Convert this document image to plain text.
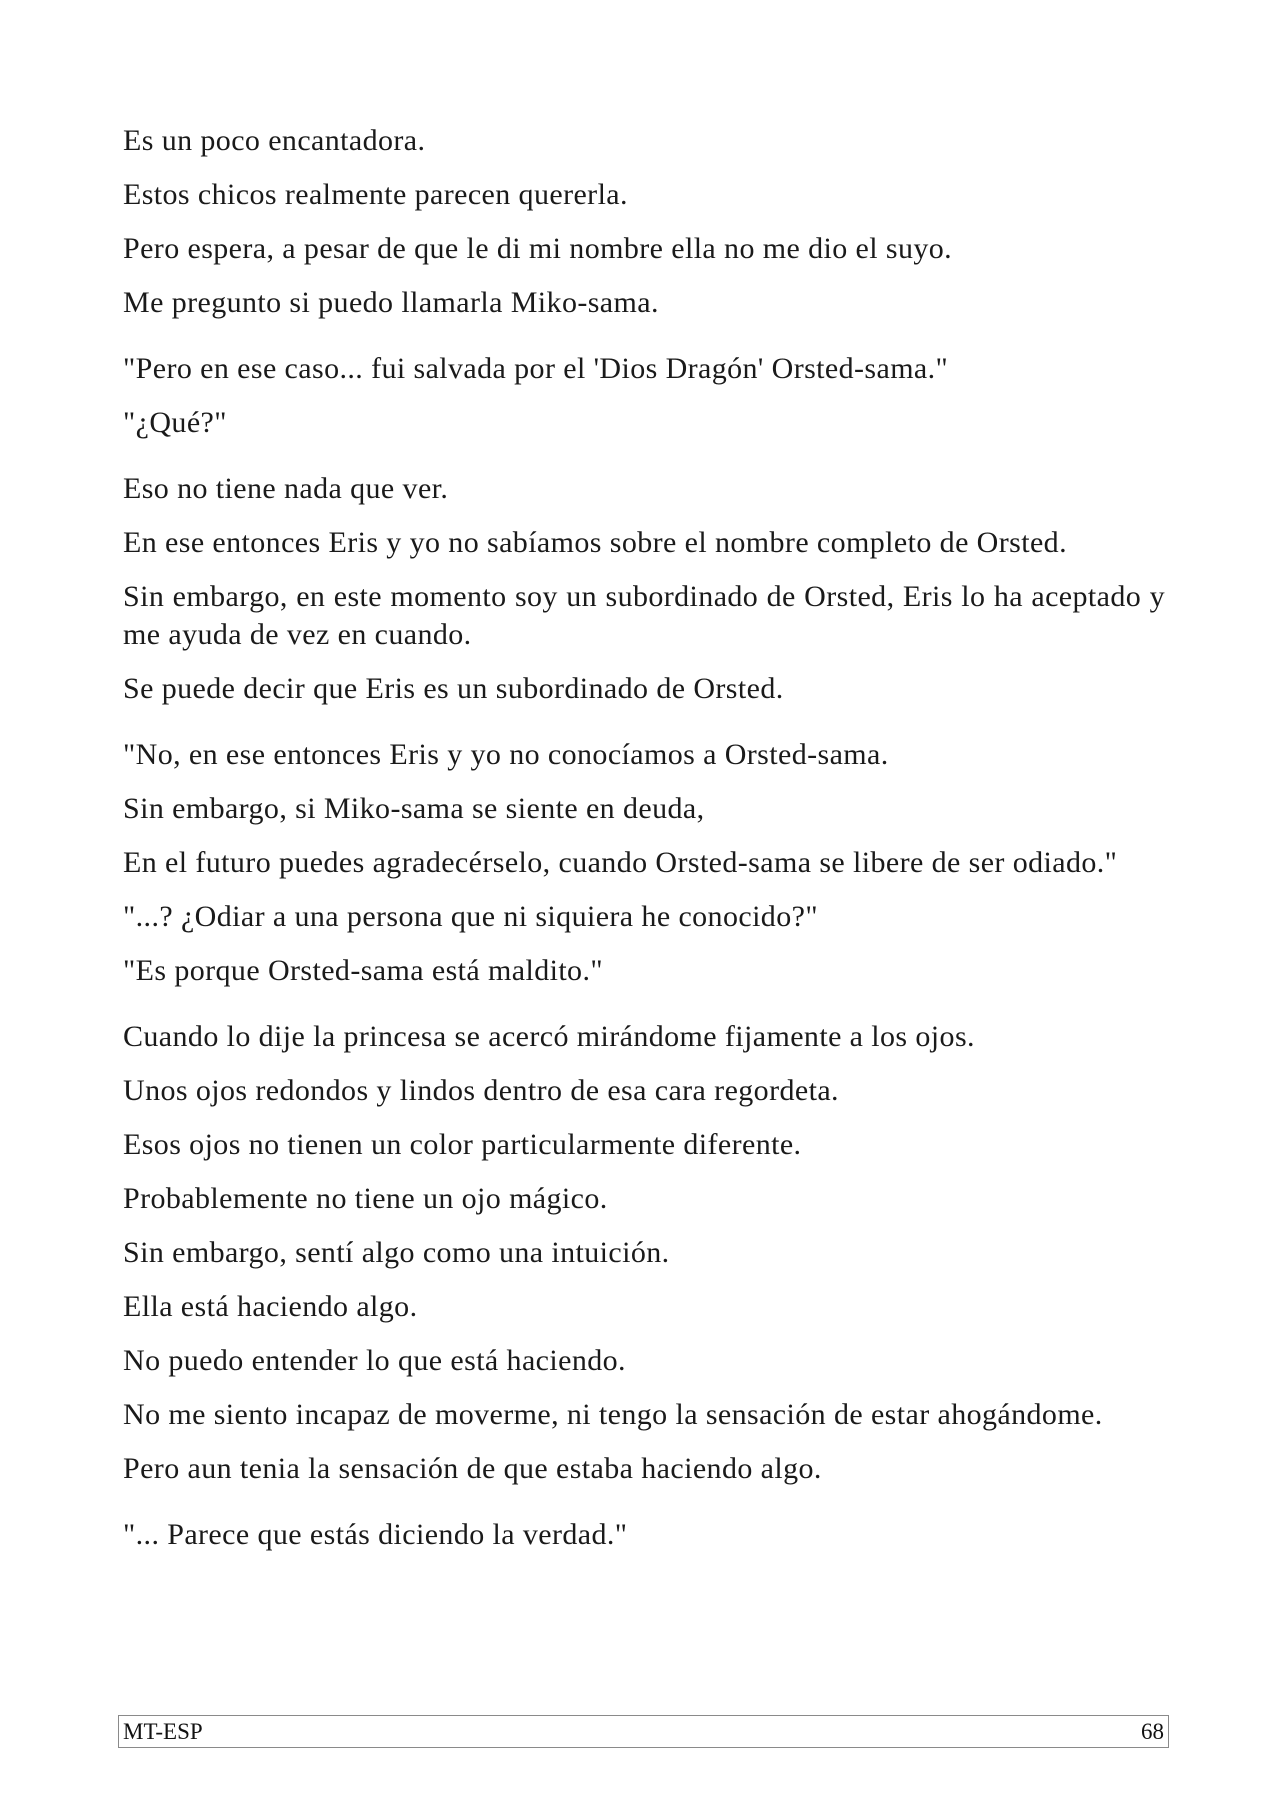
Es un poco encantadora.

Estos chicos realmente parecen quererla.

Pero espera, a pesar de que le di mi nombre ella no me dio el suyo.

Me pregunto si puedo llamarla Miko-sama.

"Pero en ese caso... fui salvada por el 'Dios Dragón' Orsted-sama."

"¿Qué?"

Eso no tiene nada que ver.

En ese entonces Eris y yo no sabíamos sobre el nombre completo de Orsted.

Sin embargo, en este momento soy un subordinado de Orsted, Eris lo ha aceptado y me ayuda de vez en cuando.

Se puede decir que Eris es un subordinado de Orsted.

"No, en ese entonces Eris y yo no conocíamos a Orsted-sama.

Sin embargo, si Miko-sama se siente en deuda,

En el futuro puedes agradecérselo, cuando Orsted-sama se libere de ser odiado."

"...? ¿Odiar a una persona que ni siquiera he conocido?"

"Es porque Orsted-sama está maldito."

Cuando lo dije la princesa se acercó mirándome fijamente a los ojos.

Unos ojos redondos y lindos dentro de esa cara regordeta.

Esos ojos no tienen un color particularmente diferente.

Probablemente no tiene un ojo mágico.

Sin embargo, sentí algo como una intuición.

Ella está haciendo algo.

No puedo entender lo que está haciendo.

No me siento incapaz de moverme, ni tengo la sensación de estar ahogándome.

Pero aun tenia la sensación de que estaba haciendo algo.

"... Parece que estás diciendo la verdad."

MT-ESP	68
